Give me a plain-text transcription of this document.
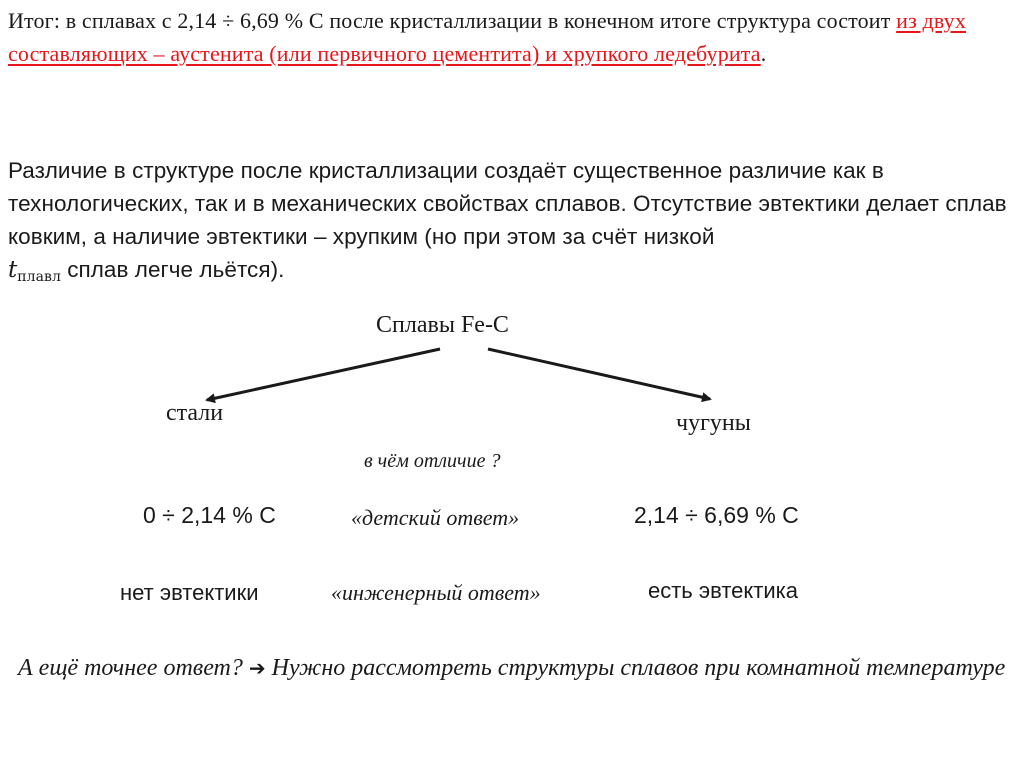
Итог: в сплавах с 2,14 ÷ 6,69 % С после кристаллизации в конечном итоге структура состоит из двух составляющих – аустенита (или первичного цементита) и хрупкого ледебурита.
Различие в структуре после кристаллизации создаёт существенное различие как в технологических, так и в механических свойствах сплавов. Отсутствие эвтектики делает сплав ковким, а наличие эвтектики – хрупким (но при этом за счёт низкой
tплавл сплав легче льётся).
Сплавы Fe-C
стали	чугуны
в чём отличие ?
0 ÷ 2,14 % С	«детский ответ»	2,14 ÷ 6,69 % С
нет эвтектики	«инженерный ответ»	есть эвтектика
А ещё точнее ответ? ➔ Нужно рассмотреть структуры сплавов при комнатной температуре
